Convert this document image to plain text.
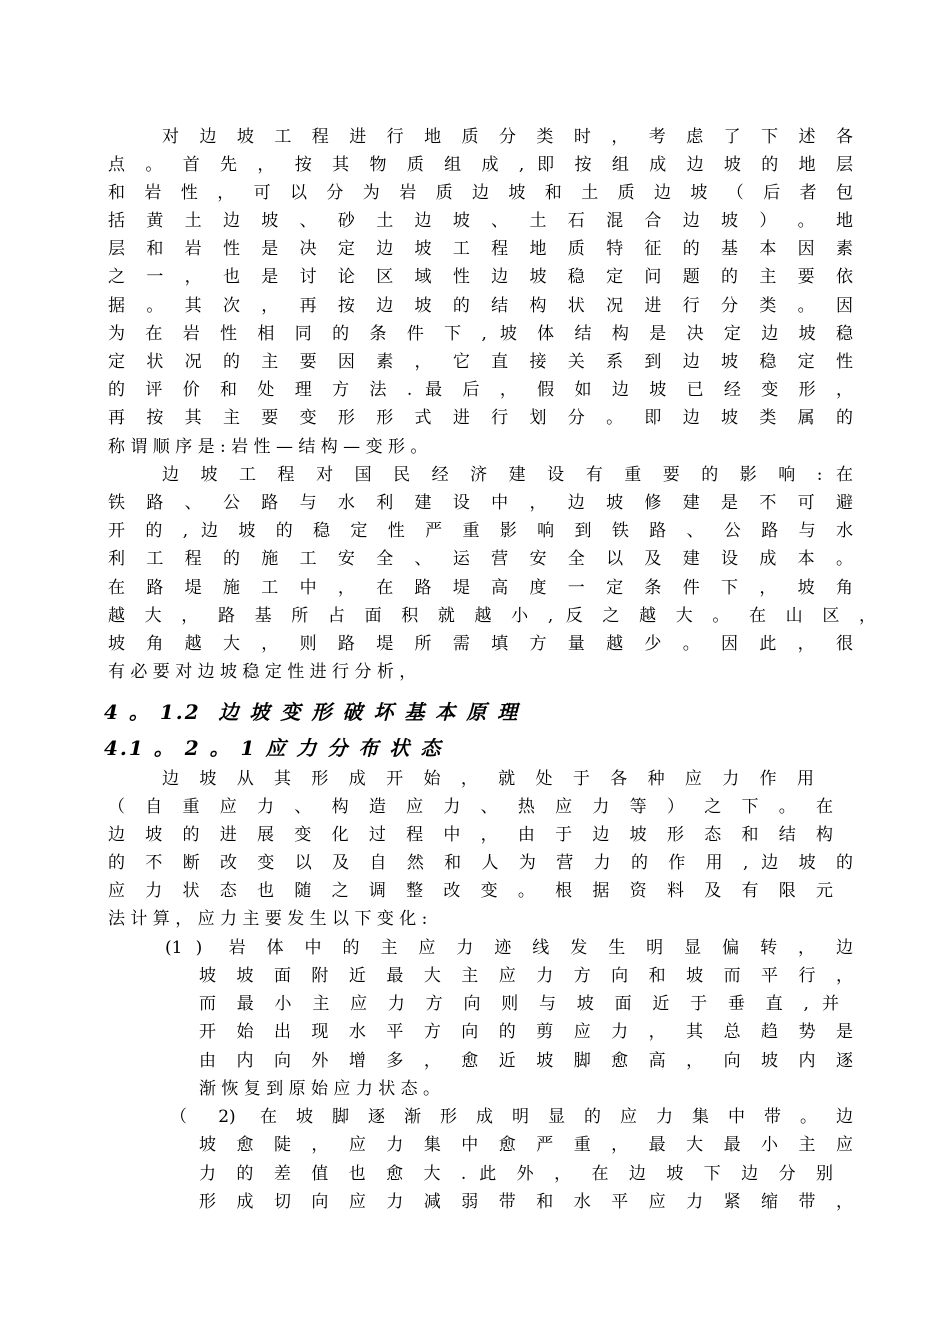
对 边 坡 工 程 进 行 地 质 分 类 时 ， 考 虑 了 下 述 各
点 。 首 先 ， 按 其 物 质 组 成 , 即 按 组 成 边 坡 的 地 层
和 岩 性 ， 可 以 分 为 岩 质 边 坡 和 土 质 边 坡 （ 后 者 包
括 黄 土 边 坡 、 砂 土 边 坡 、 土 石 混 合 边 坡 ） 。 地
层 和 岩 性 是 决 定 边 坡 工 程 地 质 特 征 的 基 本 因 素
之 一 ， 也 是 讨 论 区 域 性 边 坡 稳 定 问 题 的 主 要 依
据 。 其 次 ， 再 按 边 坡 的 结 构 状 况 进 行 分 类 。 因
为 在 岩 性 相 同 的 条 件 下 , 坡 体 结 构 是 决 定 边 坡 稳
定 状 况 的 主 要 因 素 ， 它 直 接 关 系 到 边 坡 稳 定 性
的 评 价 和 处 理 方 法 . 最 后 ， 假 如 边 坡 已 经 变 形 ，
再 按 其 主 要 变 形 形 式 进 行 划 分 。 即 边 坡 类 属 的
称 谓 顺 序 是 : 岩 性 — 结 构 — 变 形 。
边 坡 工 程 对 国 民 经 济 建 设 有 重 要 的 影 响 : 在
铁 路 、 公 路 与 水 利 建 设 中 ， 边 坡 修 建 是 不 可 避
开 的 , 边 坡 的 稳 定 性 严 重 影 响 到 铁 路 、 公 路 与 水
利 工 程 的 施 工 安 全 、 运 营 安 全 以 及 建 设 成 本 。
在 路 堤 施 工 中 ， 在 路 堤 高 度 一 定 条 件 下 ， 坡 角
越 大 ， 路 基 所 占 面 积 就 越 小 , 反 之 越 大 。 在 山 区 ，
坡 角 越 大 ， 则 路 堤 所 需 填 方 量 越 少 。 因 此 ， 很
有 必 要 对 边 坡 稳 定 性 进 行 分 析 ，
4 。 1.2  边 坡 变 形 破 坏 基 本 原 理
4.1 。 2 。 1 应 力 分 布 状 态
边 坡 从 其 形 成 开 始 ， 就 处 于 各 种 应 力 作 用
（ 自 重 应 力 、 构 造 应 力 、 热 应 力 等 ） 之 下 。 在
边 坡 的 进 展 变 化 过 程 中 ， 由 于 边 坡 形 态 和 结 构
的 不 断 改 变 以 及 自 然 和 人 为 营 力 的 作 用 , 边 坡 的
应 力 状 态 也 随 之 调 整 改 变 。 根 据 资 料 及 有 限 元
法 计 算 ， 应 力 主 要 发 生 以 下 变 化 :
(1 )  岩 体 中 的 主 应 力 迹 线 发 生 明 显 偏 转 ， 边
坡 坡 面 附 近 最 大 主 应 力 方 向 和 坡 而 平 行 ，
而 最 小 主 应 力 方 向 则 与 坡 面 近 于 垂 直 , 并
开 始 出 现 水 平 方 向 的 剪 应 力 ， 其 总 趋 势 是
由 内 向 外 增 多 ， 愈 近 坡 脚 愈 高 ， 向 坡 内 逐
渐 恢 复 到 原 始 应 力 状 态 。
（  2)  在 坡 脚 逐 渐 形 成 明 显 的 应 力 集 中 带 。 边
坡 愈 陡 ， 应 力 集 中 愈 严 重 ， 最 大 最 小 主 应
力 的 差 值 也 愈 大 . 此 外 ， 在 边 坡 下 边 分 别
形 成 切 向 应 力 减 弱 带 和 水 平 应 力 紧 缩 带 ，
